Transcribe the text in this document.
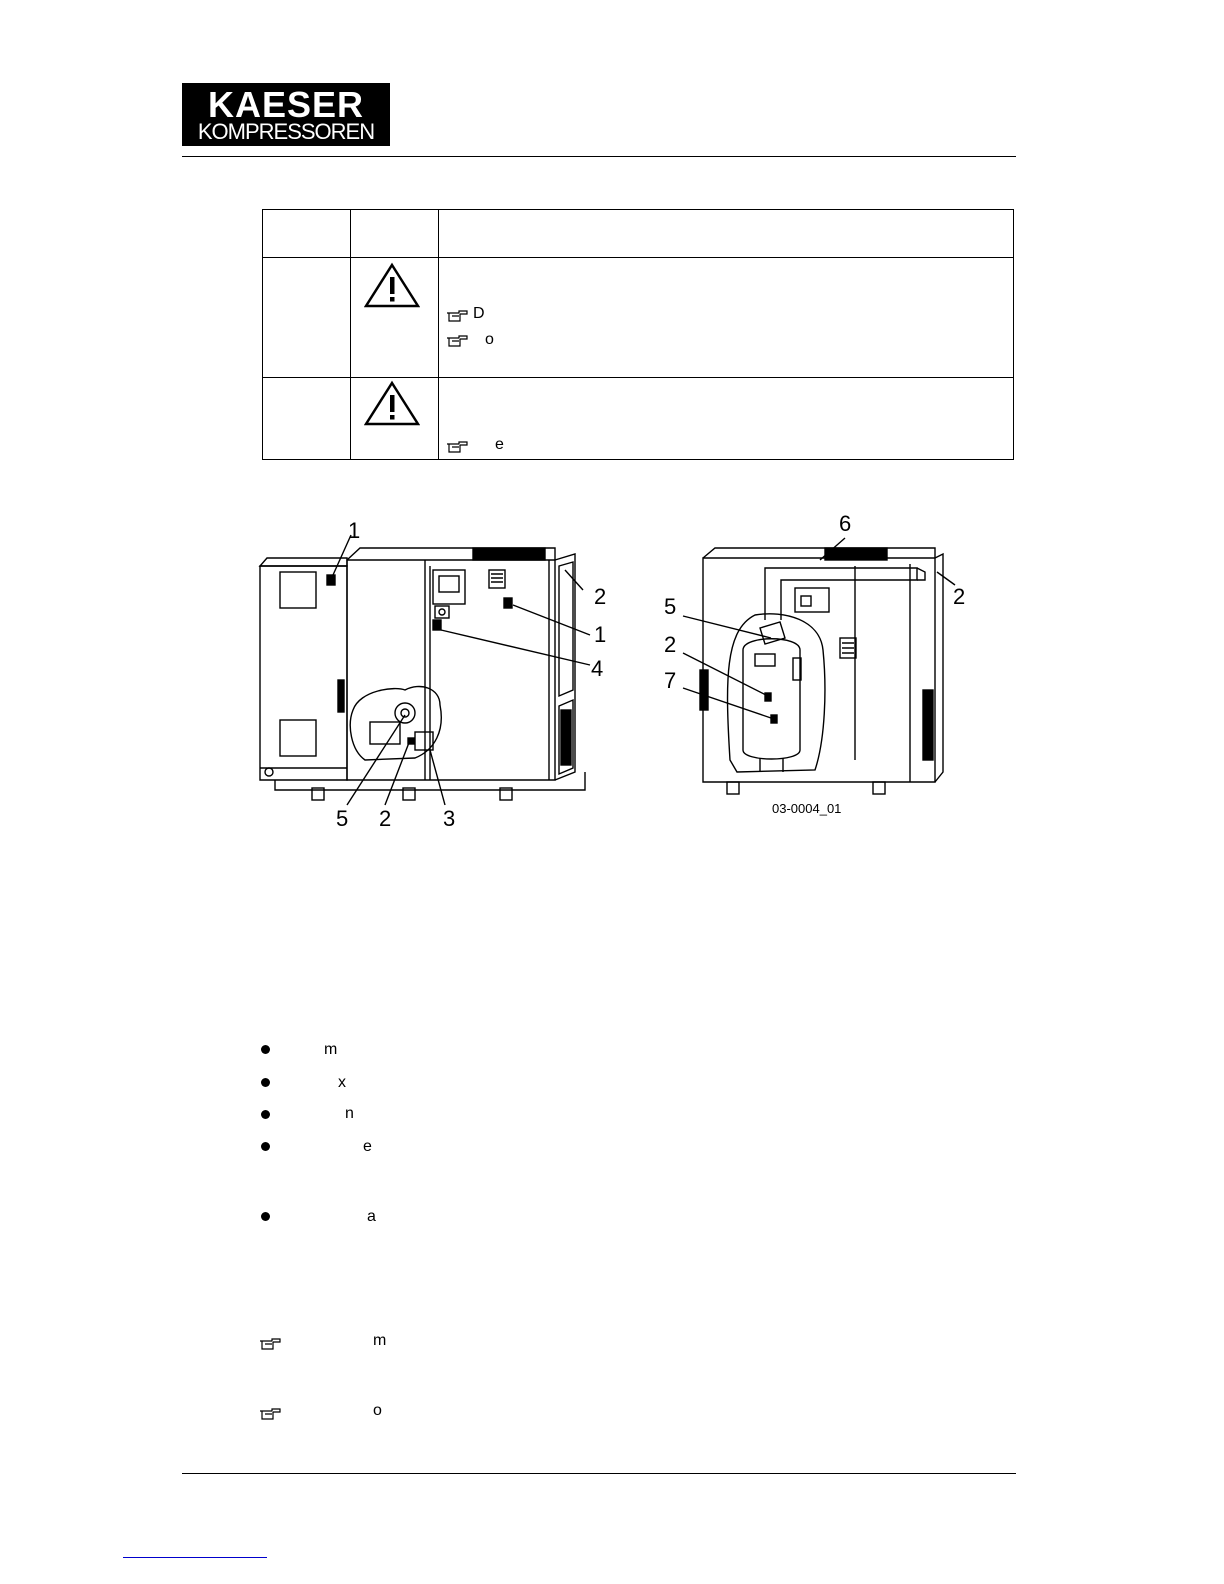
KAESER
KOMPRESSOREN
D
o
e
1
2
1
4
5 2 3
6
5
2
2
7
03-0004_01
m
x
n
e
a
m
o
